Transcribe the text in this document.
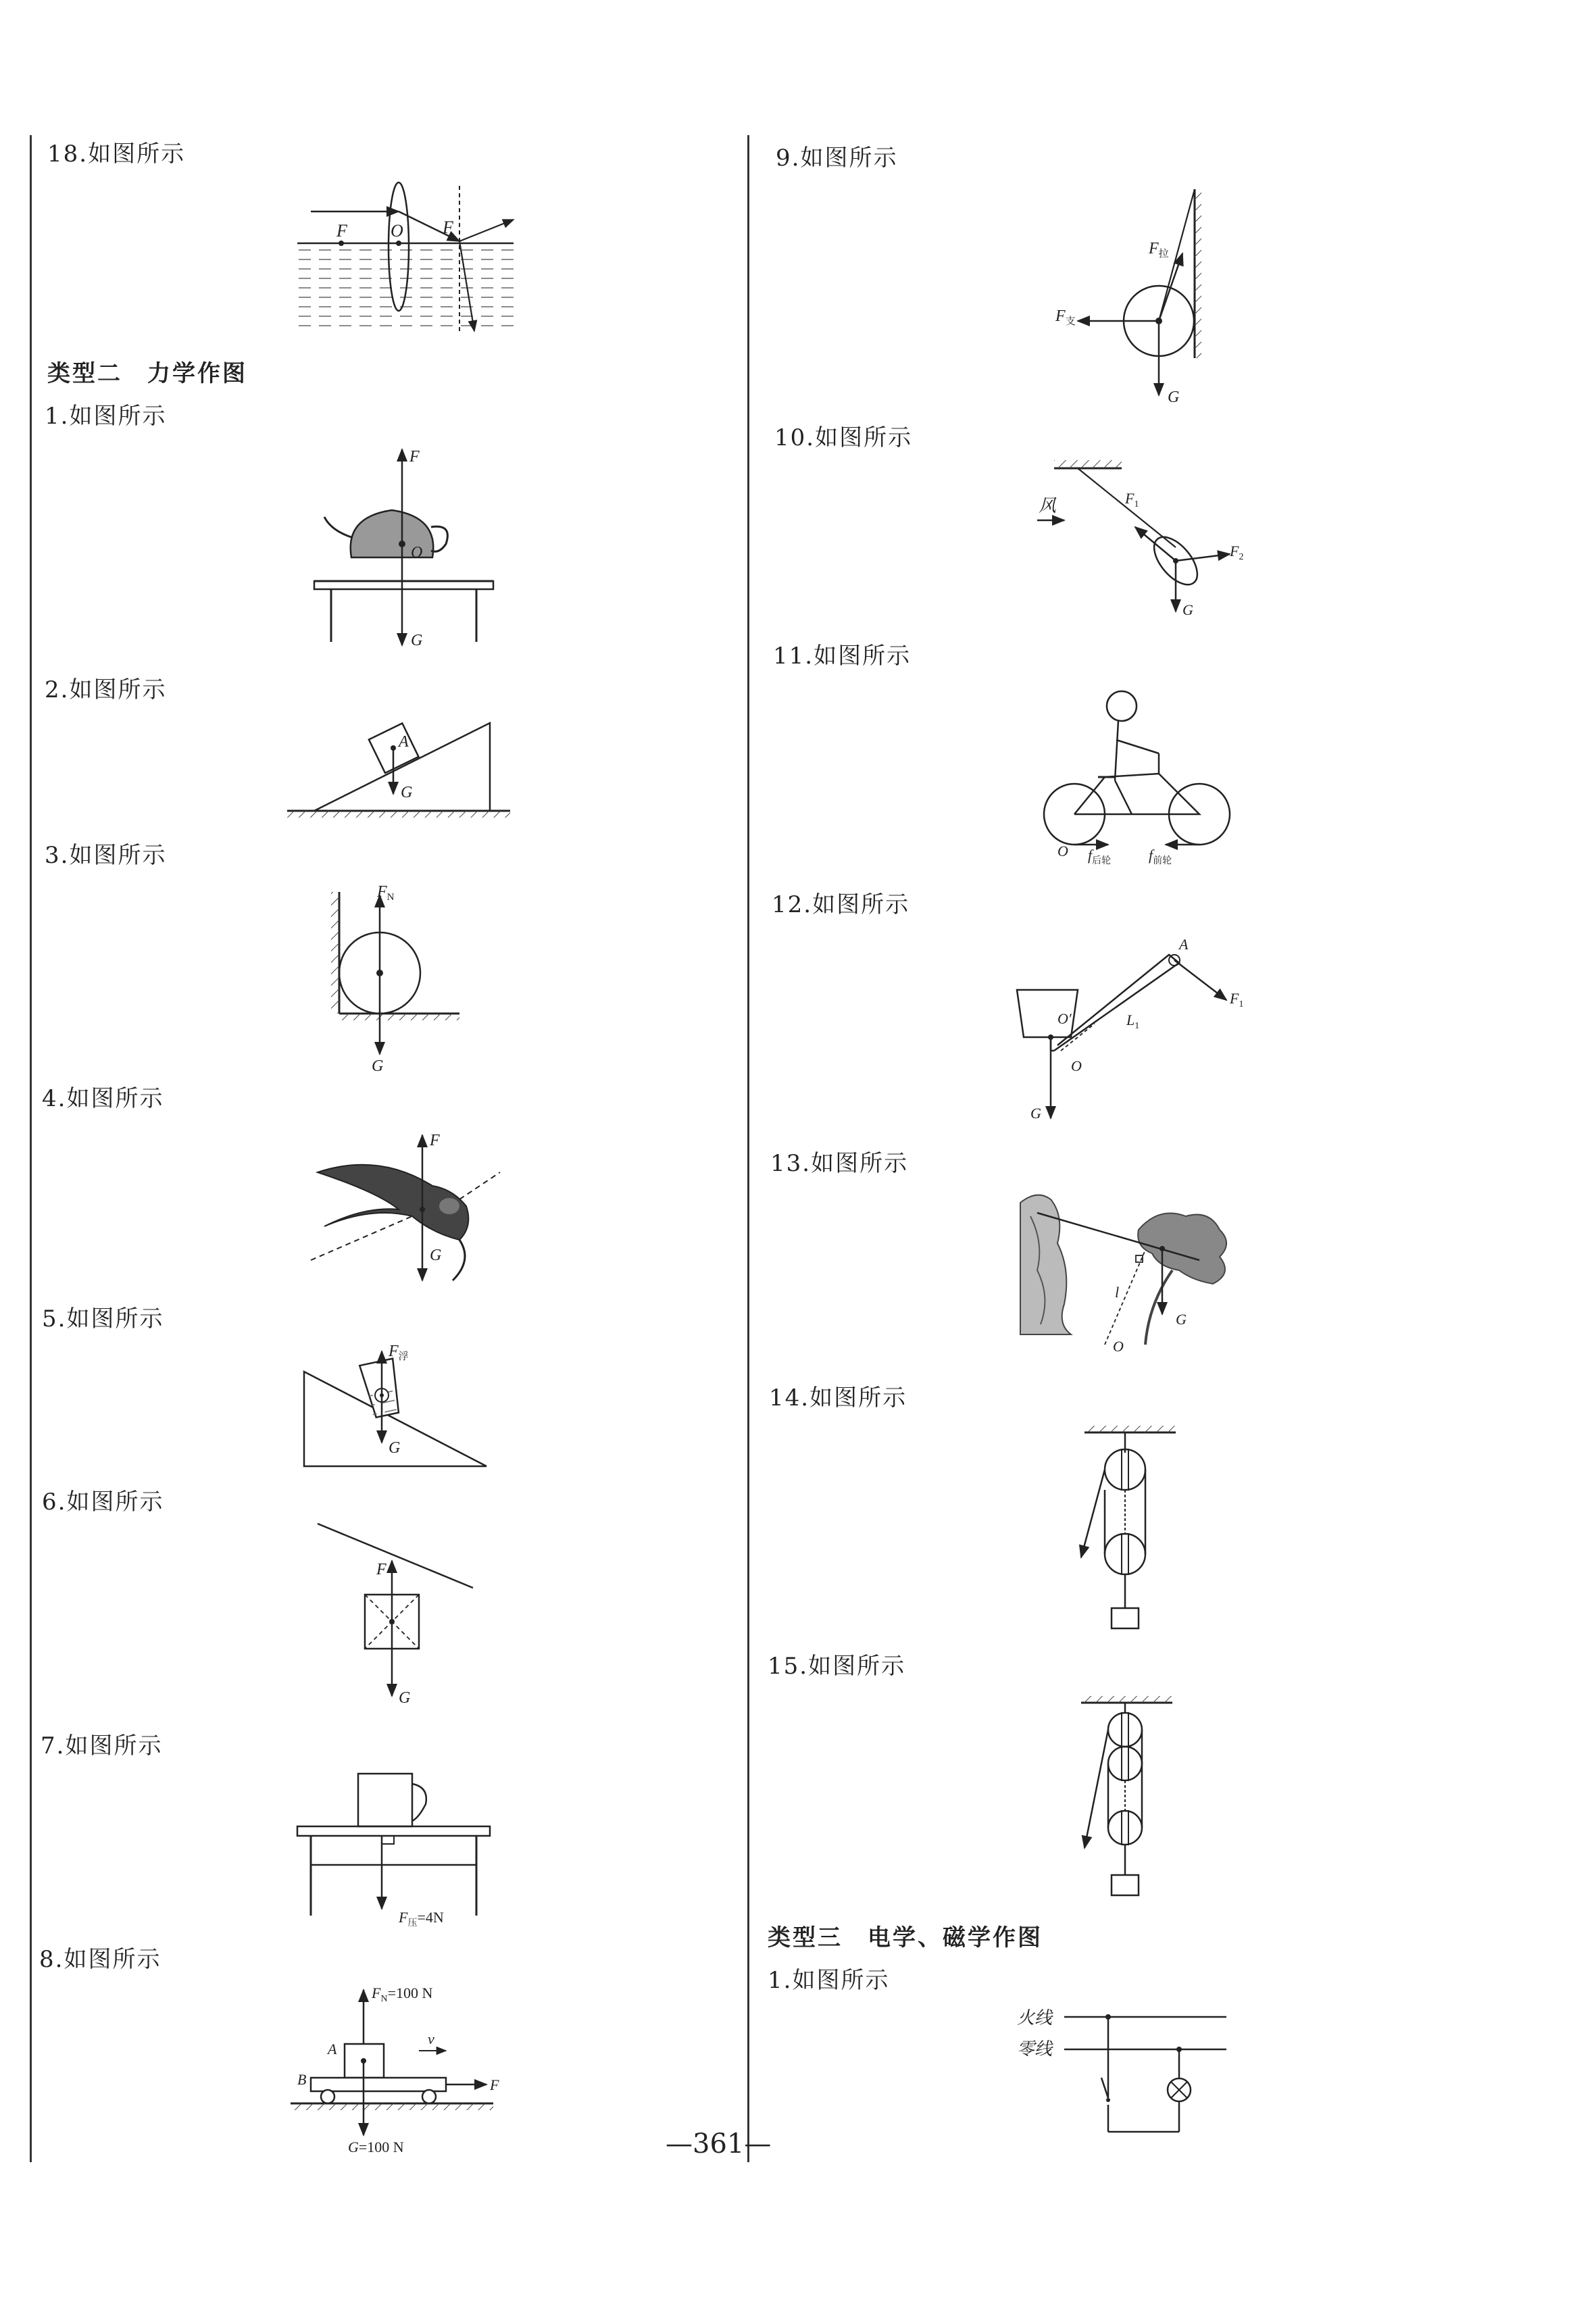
18.如图所示
类型二　力学作图
1.如图所示
2.如图所示
3.如图所示
4.如图所示
5.如图所示
6.如图所示
7.如图所示
8.如图所示
9.如图所示
10.如图所示
11.如图所示
12.如图所示
13.如图所示
14.如图所示
15.如图所示
类型三　电学、磁学作图
1.如图所示
—361—
F O F
F
O
G
A
G
$F_N$
G
F
G
$F_浮$
G
F
G
$F_压=4N$
$F_N=100$ N
v
A
B	F
G=100 N
$F_拉$
$F_支$
G
风	$F_1$
$F_2$
G
O $f_{后轮}$	$f_{前轮}$
A
O′	$L_1$
$F_1$
O
G
l
G
O
火线
零线
